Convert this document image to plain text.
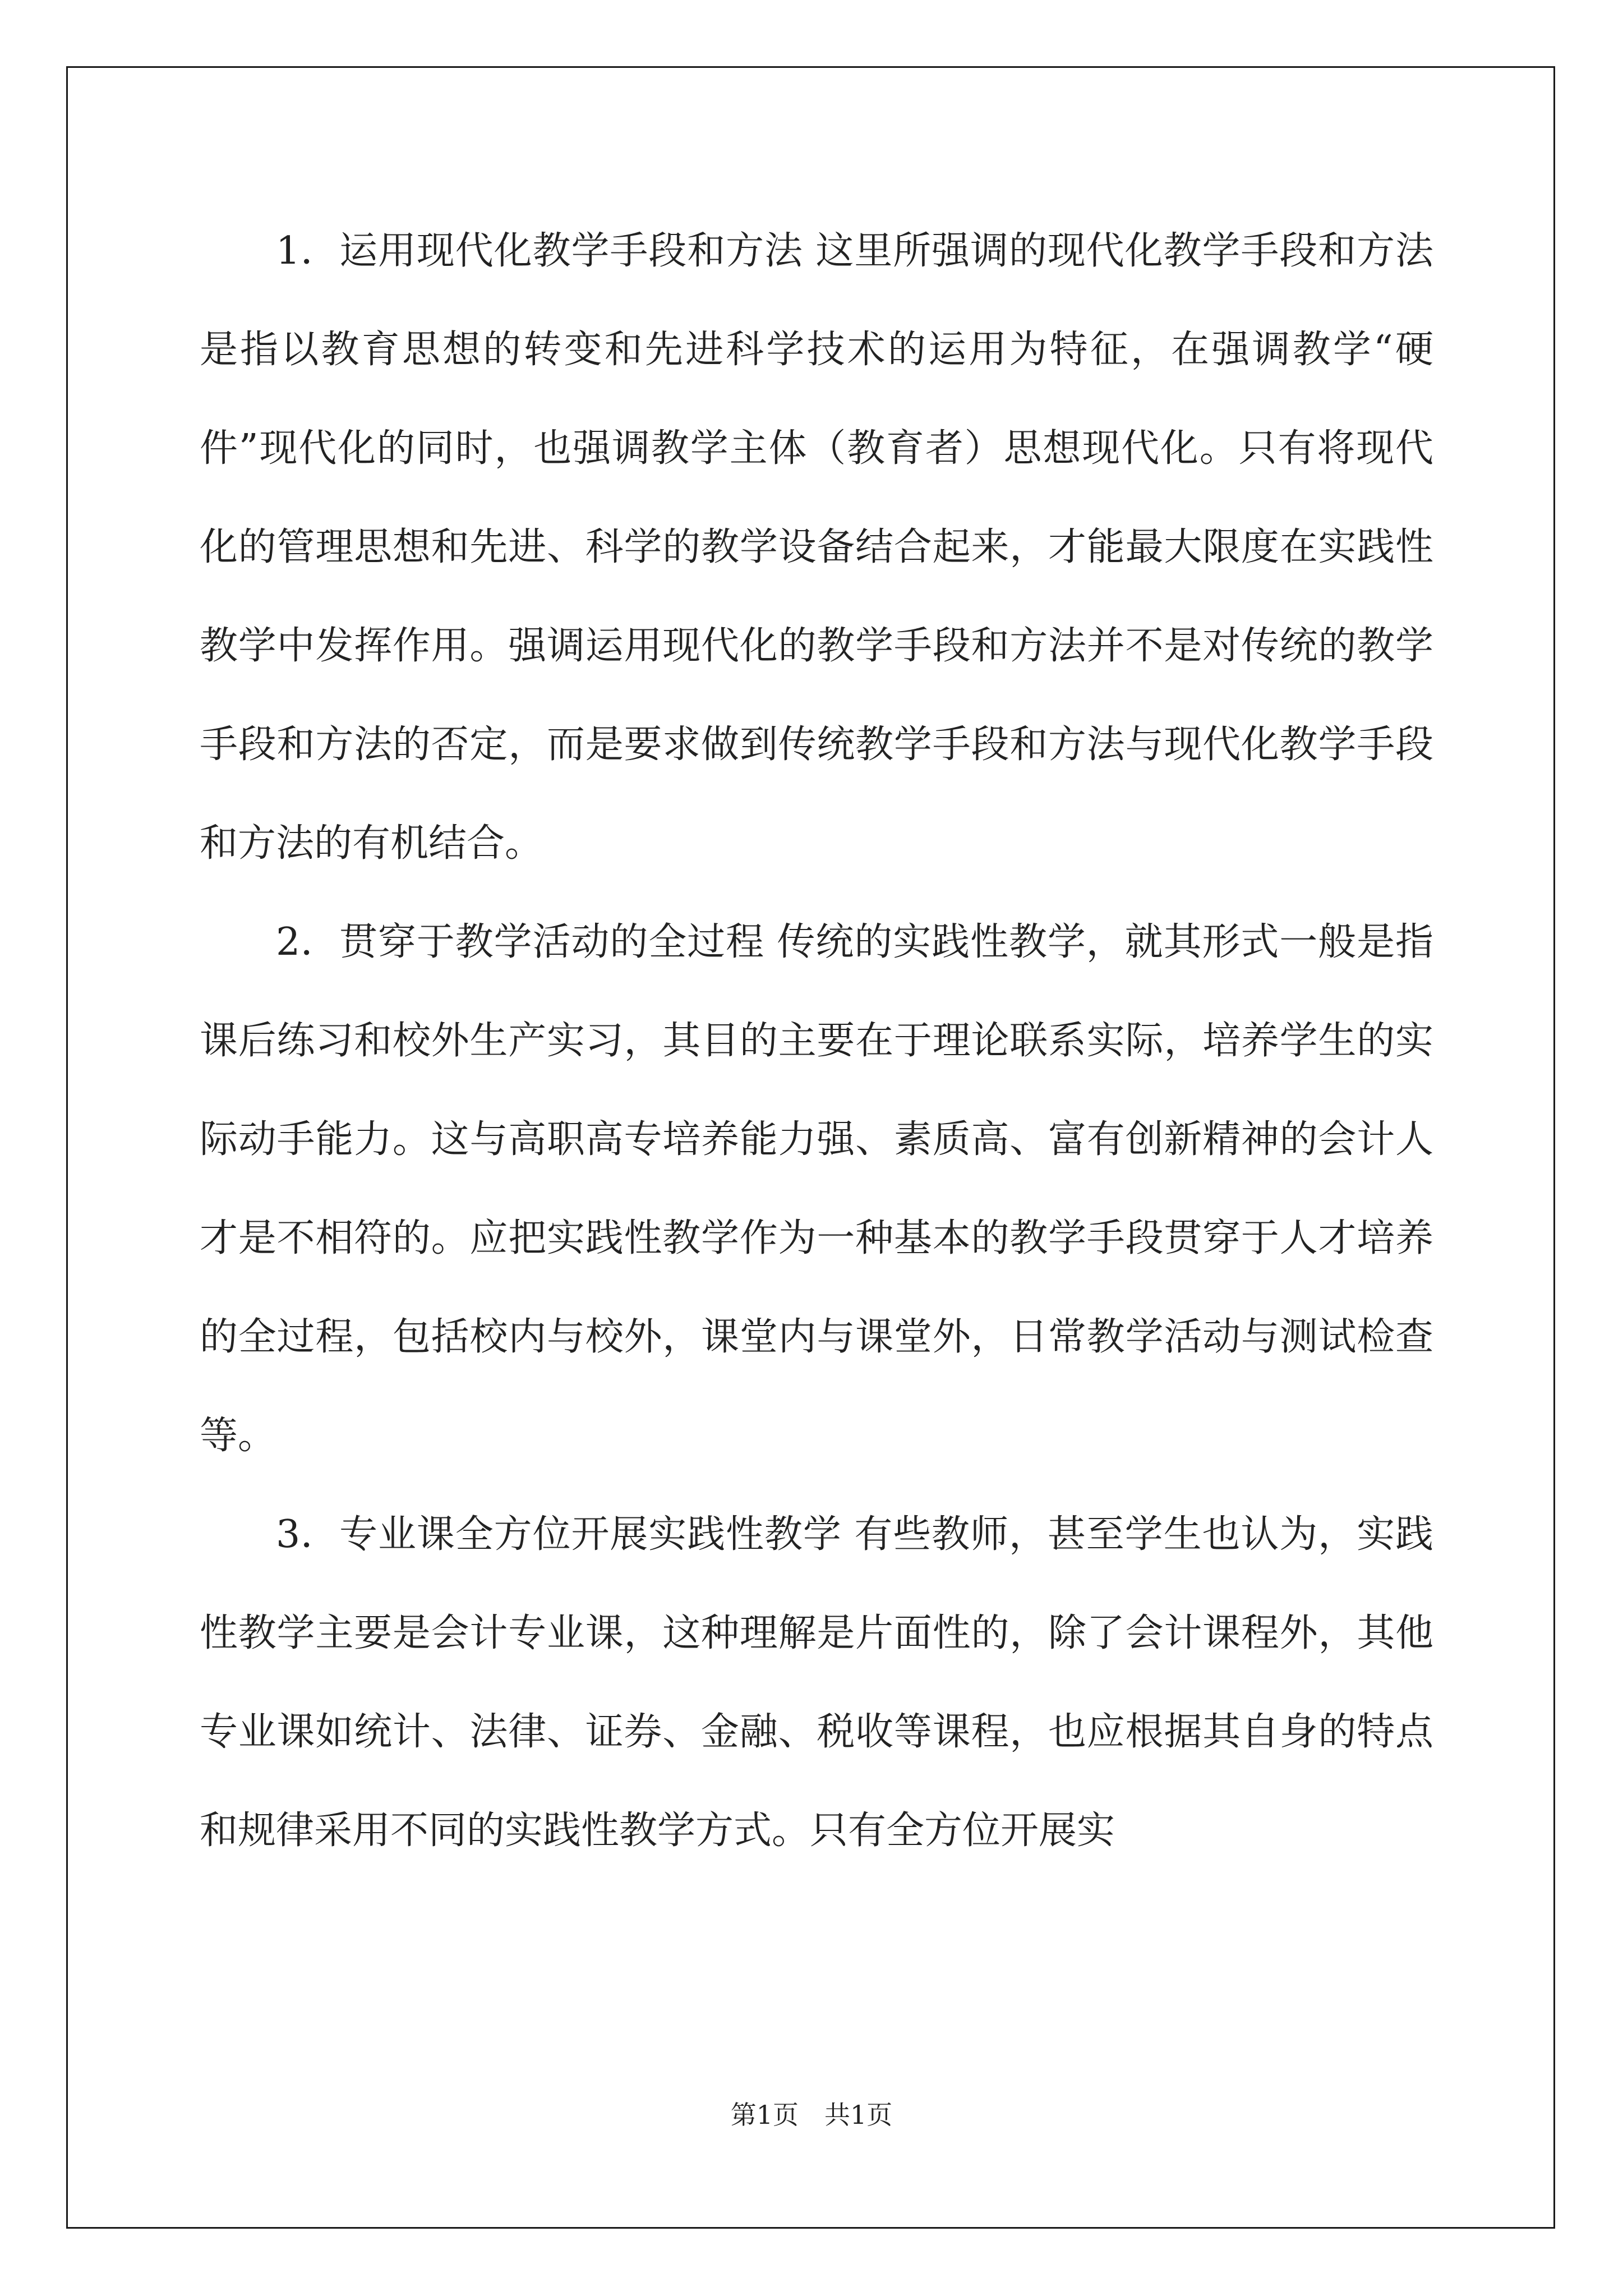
1．运用现代化教学手段和方法 这里所强调的现代化教学手段和方法是指以教育思想的转变和先进科学技术的运用为特征，在强调教学“硬件”现代化的同时，也强调教学主体（教育者）思想现代化。只有将现代化的管理思想和先进、科学的教学设备结合起来，才能最大限度在实践性教学中发挥作用。强调运用现代化的教学手段和方法并不是对传统的教学手段和方法的否定，而是要求做到传统教学手段和方法与现代化教学手段和方法的有机结合。

2．贯穿于教学活动的全过程 传统的实践性教学，就其形式一般是指课后练习和校外生产实习，其目的主要在于理论联系实际，培养学生的实际动手能力。这与高职高专培养能力强、素质高、富有创新精神的会计人才是不相符的。应把实践性教学作为一种基本的教学手段贯穿于人才培养的全过程，包括校内与校外，课堂内与课堂外，日常教学活动与测试检查等。

3．专业课全方位开展实践性教学 有些教师，甚至学生也认为，实践性教学主要是会计专业课，这种理解是片面性的，除了会计课程外，其他专业课如统计、法律、证券、金融、税收等课程，也应根据其自身的特点和规律采用不同的实践性教学方式。只有全方位开展实

第1页　共1页
